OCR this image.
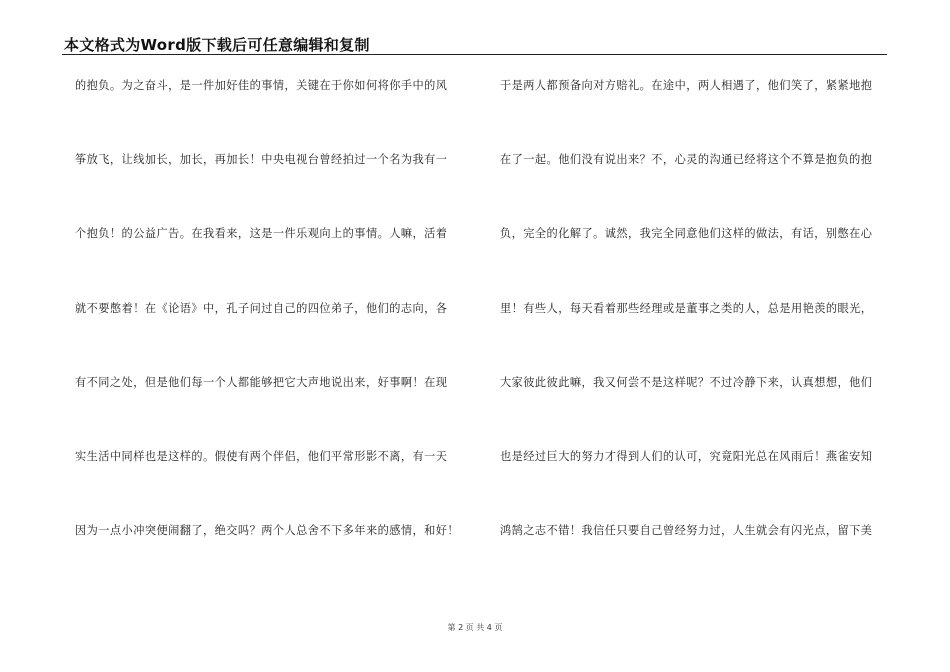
本文格式为Word版下载后可任意编辑和复制
的抱负。为之奋斗，是一件加好佳的事情，关键在于你如何将你手中的风
筝放飞，让线加长，加长，再加长！中央电视台曾经拍过一个名为我有一
个抱负！的公益广告。在我看来，这是一件乐观向上的事情。人嘛，活着
就不要憋着！在《论语》中，孔子问过自己的四位弟子，他们的志向，各
有不同之处，但是他们每一个人都能够把它大声地说出来，好事啊！在现
实生活中同样也是这样的。假使有两个伴侣，他们平常形影不离，有一天
因为一点小冲突便闹翻了，绝交吗？两个人总舍不下多年来的感情，和好！
于是两人都预备向对方赔礼。在途中，两人相遇了，他们笑了，紧紧地抱
在了一起。他们没有说出来？不，心灵的沟通已经将这个不算是抱负的抱
负，完全的化解了。诚然，我完全同意他们这样的做法，有话，别憋在心
里！有些人，每天看着那些经理或是董事之类的人，总是用艳羡的眼光，
大家彼此彼此嘛，我又何尝不是这样呢？不过冷静下来，认真想想，他们
也是经过巨大的努力才得到人们的认可，究竟阳光总在风雨后！燕雀安知
鸿鹄之志不错！我信任只要自己曾经努力过，人生就会有闪光点，留下美
第 2 页 共 4 页
